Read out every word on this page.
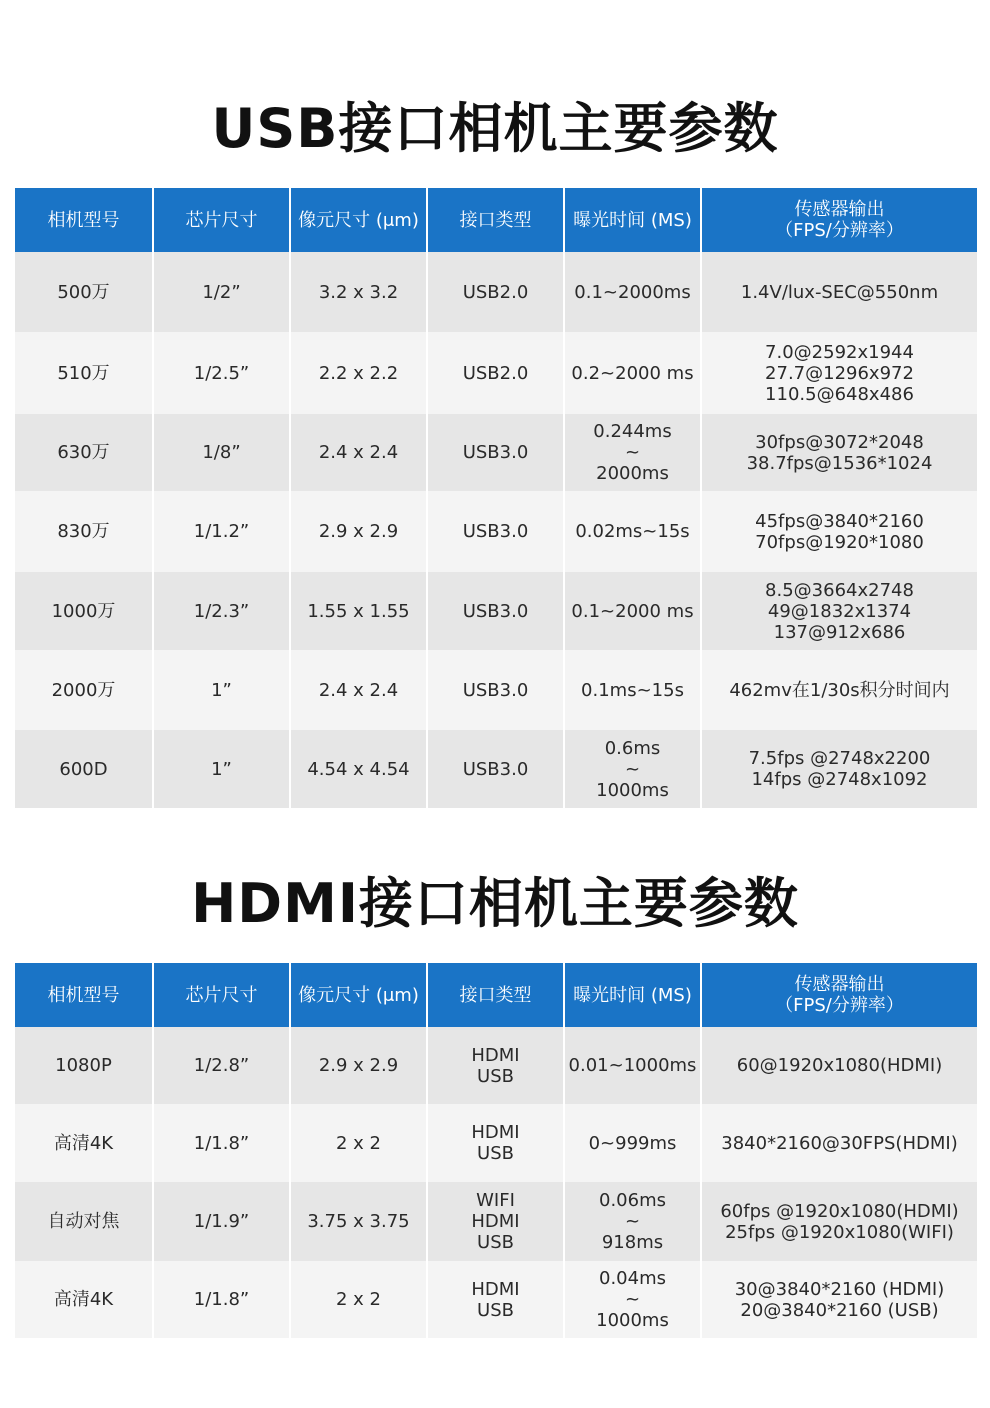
USB接口相机主要参数
相机型号	芯片尺寸	像元尺寸 (μm)	接口类型	曝光时间 (MS)	传感器输出
（FPS/分辨率）

500万	1/2”	3.2 x 3.2	USB2.0	0.1~2000ms	1.4V/lux-SEC@550nm

510万	1/2.5”	2.2 x 2.2	USB2.0	0.2~2000 ms	7.0@2592x1944
27.7@1296x972
110.5@648x486

630万	1/8”	2.4 x 2.4	USB3.0	0.244ms
~
2000ms	30fps@3072*2048
38.7fps@1536*1024

830万	1/1.2”	2.9 x 2.9	USB3.0	0.02ms~15s	45fps@3840*2160
70fps@1920*1080

1000万	1/2.3”	1.55 x 1.55	USB3.0	0.1~2000 ms	8.5@3664x2748
49@1832x1374
137@912x686

2000万	1”	2.4 x 2.4	USB3.0	0.1ms~15s	462mv在1/30s积分时间内

600D	1”	4.54 x 4.54	USB3.0	0.6ms
~
1000ms	7.5fps @2748x2200
14fps @2748x1092
HDMI接口相机主要参数
相机型号	芯片尺寸	像元尺寸 (μm)	接口类型	曝光时间 (MS)	传感器输出
（FPS/分辨率）

1080P	1/2.8”	2.9 x 2.9	HDMI
USB	0.01~1000ms	60@1920x1080(HDMI)

高清4K	1/1.8”	2 x 2	HDMI
USB	0~999ms	3840*2160@30FPS(HDMI)

自动对焦	1/1.9”	3.75 x 3.75	WIFI
HDMI
USB	0.06ms
~
918ms	60fps @1920x1080(HDMI)
25fps @1920x1080(WIFI)

高清4K	1/1.8”	2 x 2	HDMI
USB	0.04ms
~
1000ms	30@3840*2160 (HDMI)
20@3840*2160 (USB)
